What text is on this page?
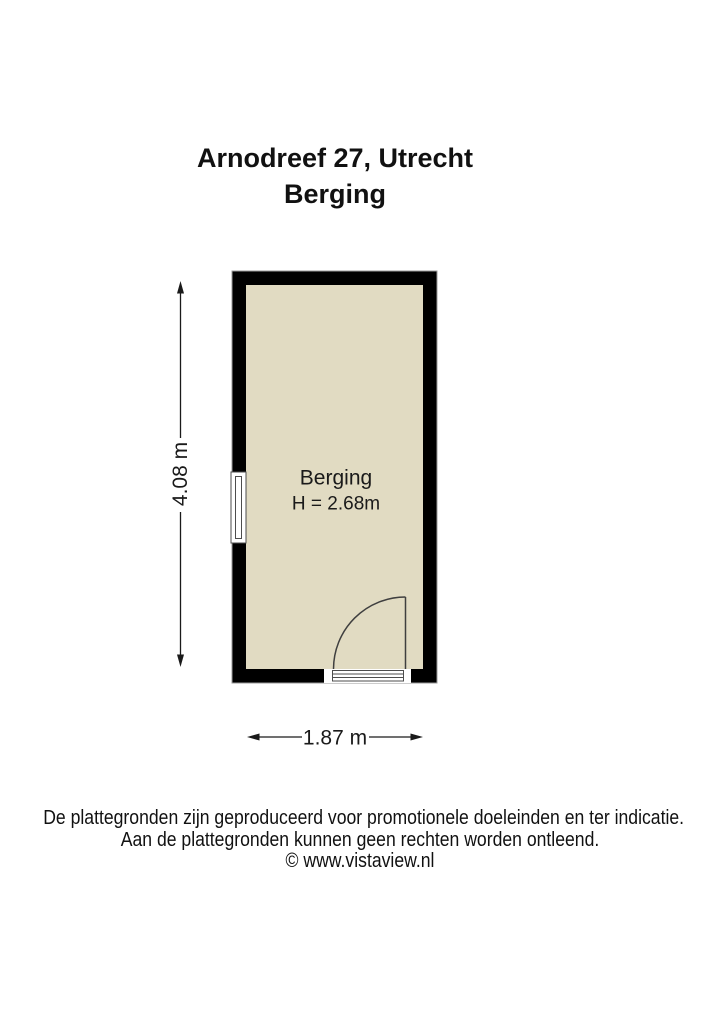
Arnodreef 27, Utrecht
Berging
4.08 m
1.87 m
Berging
H = 2.68m
De plattegronden zijn geproduceerd voor promotionele doeleinden en ter indicatie.
Aan de plattegronden kunnen geen rechten worden ontleend.
© www.vistaview.nl
